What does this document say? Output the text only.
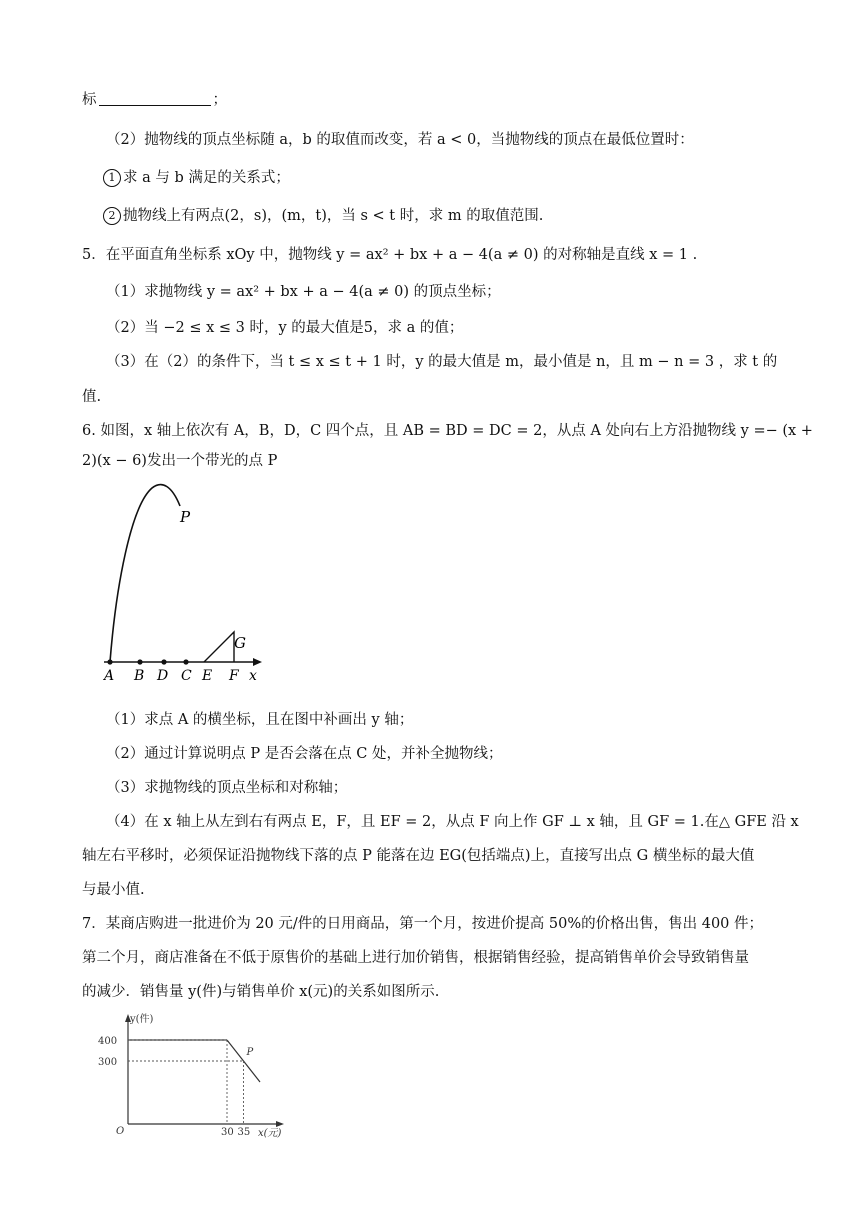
标	；
（2）抛物线的顶点坐标随 a，b 的取值而改变，若 a < 0，当抛物线的顶点在最低位置时：
1 求 a 与 b 满足的关系式；
2 抛物线上有两点(2，s)，(m，t)，当 s < t 时，求 m 的取值范围.
5．在平面直角坐标系 xOy 中，抛物线 y = ax² + bx + a − 4(a ≠ 0) 的对称轴是直线 x = 1 .
（1）求抛物线 y = ax² + bx + a − 4(a ≠ 0) 的顶点坐标；
（2）当 −2 ≤ x ≤ 3 时，y 的最大值是5，求 a 的值；
（3）在（2）的条件下，当 t ≤ x ≤ t + 1 时，y 的最大值是 m，最小值是 n，且 m − n = 3 ，求 t 的
值.
6. 如图，x 轴上依次有 A，B，D，C 四个点，且 AB = BD = DC = 2，从点 A 处向右上方沿抛物线 y =− (x +
2)(x − 6)发出一个带光的点 P
P
G
A B D C E F x
（1）求点 A 的横坐标，且在图中补画出 y 轴；
（2）通过计算说明点 P 是否会落在点 C 处，并补全抛物线；
（3）求抛物线的顶点坐标和对称轴；
（4）在 x 轴上从左到右有两点 E，F，且 EF = 2，从点 F 向上作 GF ⊥ x 轴，且 GF = 1.在△ GFE 沿 x
轴左右平移时，必须保证沿抛物线下落的点 P 能落在边 EG(包括端点)上，直接写出点 G 横坐标的最大值
与最小值.
7．某商店购进一批进价为 20 元/件的日用商品，第一个月，按进价提高 50%的价格出售，售出 400 件；
第二个月，商店准备在不低于原售价的基础上进行加价销售，根据销售经验，提高销售单价会导致销售量
的减少．销售量 y(件)与销售单价 x(元)的关系如图所示.
y(件)
x(元)
O
300
400
30 35
P
